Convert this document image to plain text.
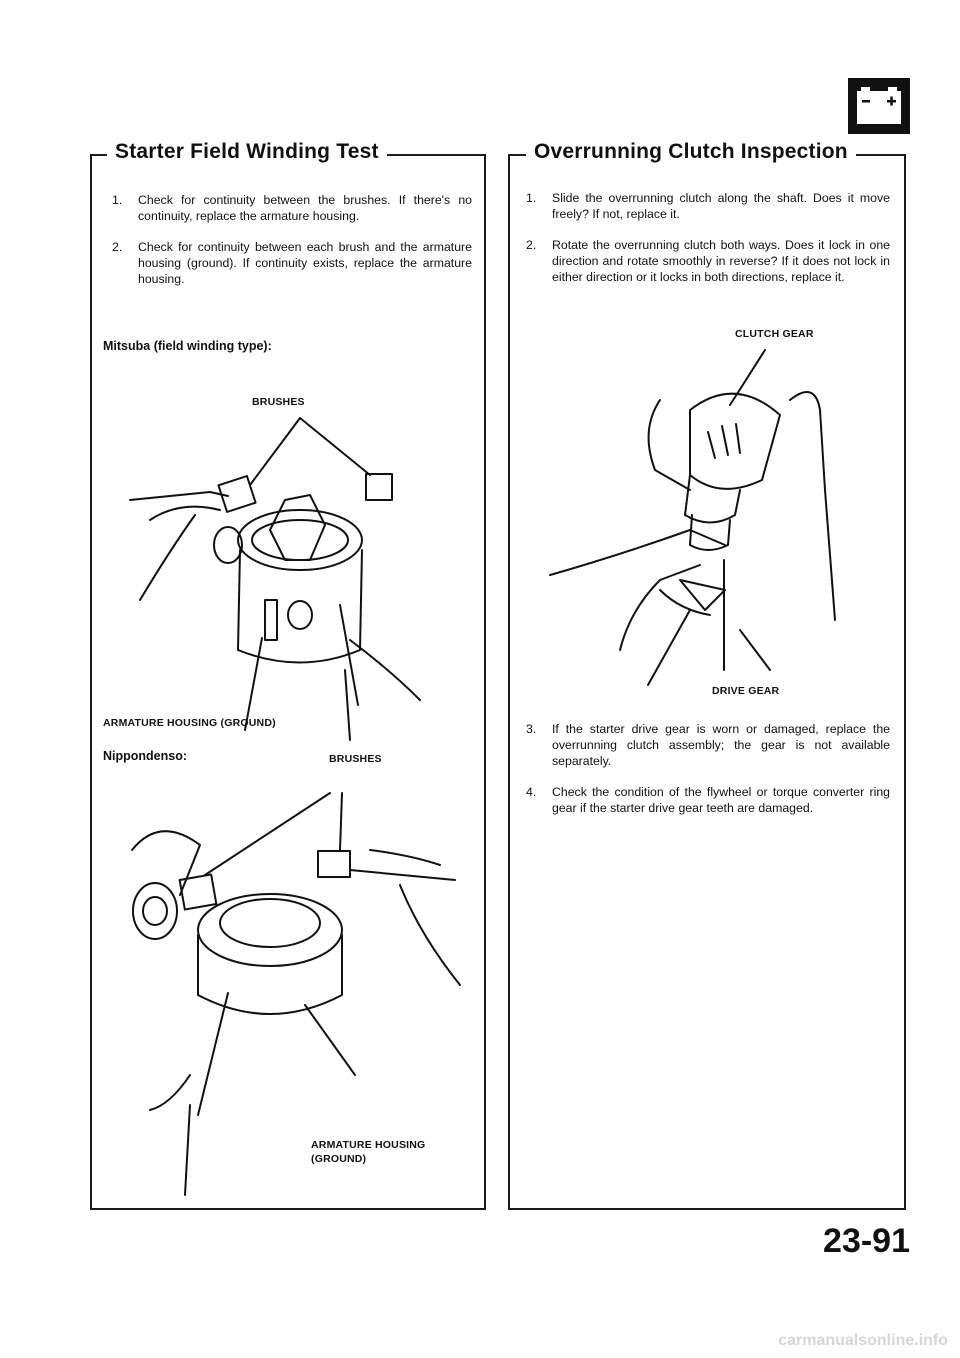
Starter Field Winding Test
1. Check for continuity between the brushes. If there's no continuity, replace the armature housing.
2. Check for continuity between each brush and the armature housing (ground). If continuity exists, replace the armature housing.
Mitsuba (field winding type):
BRUSHES
ARMATURE HOUSING (GROUND)
Nippondenso:	BRUSHES
ARMATURE HOUSING
(GROUND)
Overrunning Clutch Inspection
1. Slide the overrunning clutch along the shaft. Does it move freely? If not, replace it.
2. Rotate the overrunning clutch both ways. Does it lock in one direction and rotate smoothly in reverse? If it does not lock in either direction or it locks in both directions, replace it.
CLUTCH GEAR
DRIVE GEAR
3. If the starter drive gear is worn or damaged, replace the overrunning clutch assembly; the gear is not available separately.
4. Check the condition of the flywheel or torque converter ring gear if the starter drive gear teeth are damaged.
23-91
carmanualsonline.info
